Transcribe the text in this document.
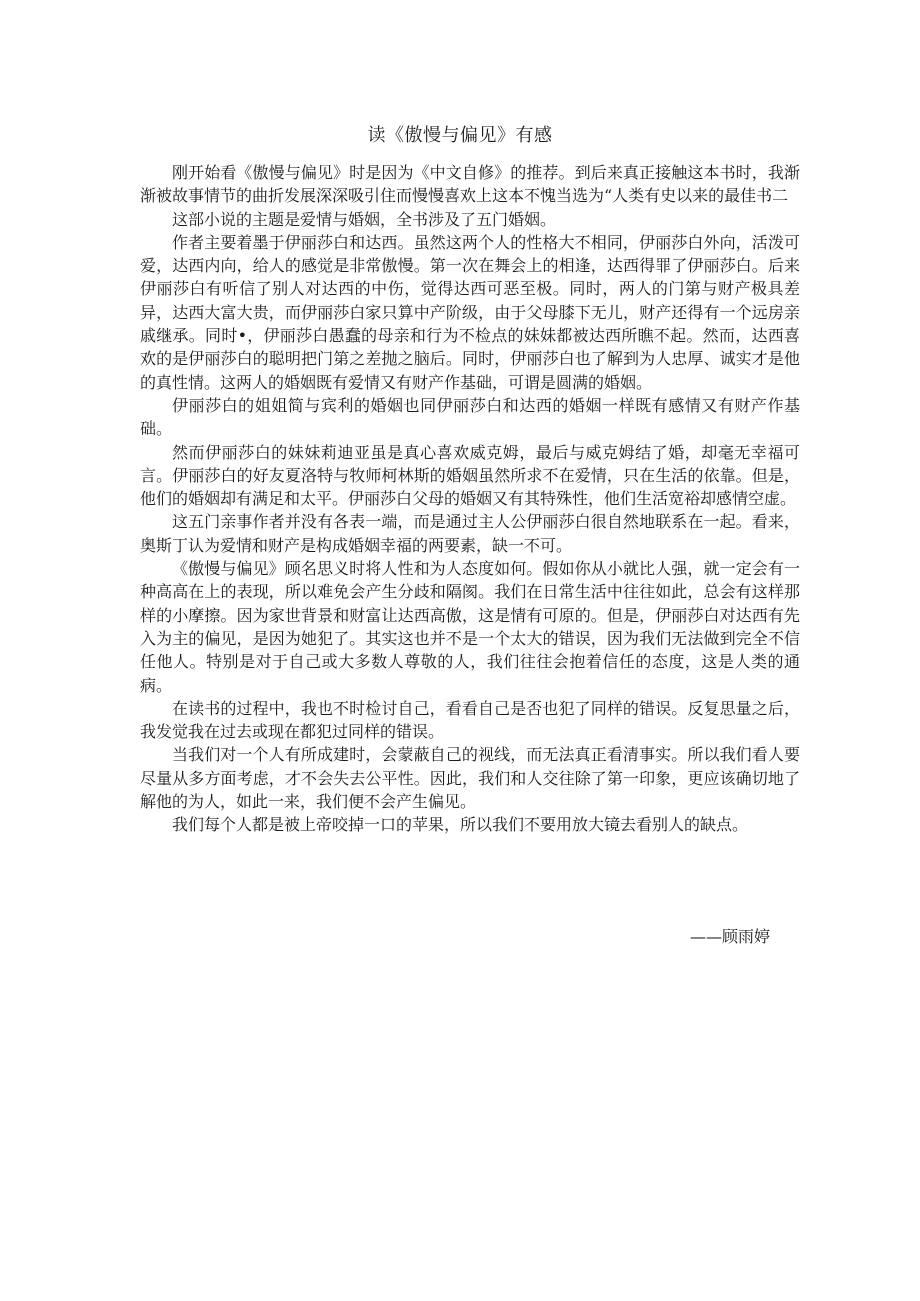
读《傲慢与偏见》有感

刚开始看《傲慢与偏见》时是因为《中文自修》的推荐。到后来真正接触这本书时，我渐渐被故事情节的曲折发展深深吸引住而慢慢喜欢上这本不愧当选为“人类有史以来的最佳书二

这部小说的主题是爱情与婚姻，全书涉及了五门婚姻。

作者主要着墨于伊丽莎白和达西。虽然这两个人的性格大不相同，伊丽莎白外向，活泼可爱，达西内向，给人的感觉是非常傲慢。第一次在舞会上的相逢，达西得罪了伊丽莎白。后来伊丽莎白有听信了别人对达西的中伤，觉得达西可恶至极。同时，两人的门第与财产极具差异，达西大富大贵，而伊丽莎白家只算中产阶级，由于父母膝下无儿，财产还得有一个远房亲戚继承。同时•，伊丽莎白愚蠢的母亲和行为不检点的妹妹都被达西所瞧不起。然而，达西喜欢的是伊丽莎白的聪明把门第之差抛之脑后。同时，伊丽莎白也了解到为人忠厚、诚实才是他的真性情。这两人的婚姻既有爱情又有财产作基础，可谓是圆满的婚姻。

伊丽莎白的姐姐简与宾利的婚姻也同伊丽莎白和达西的婚姻一样既有感情又有财产作基础。

然而伊丽莎白的妹妹莉迪亚虽是真心喜欢威克姆，最后与威克姆结了婚，却毫无幸福可言。伊丽莎白的好友夏洛特与牧师柯林斯的婚姻虽然所求不在爱情，只在生活的依靠。但是，他们的婚姻却有满足和太平。伊丽莎白父母的婚姻又有其特殊性，他们生活宽裕却感情空虚。

这五门亲事作者并没有各表一端，而是通过主人公伊丽莎白很自然地联系在一起。看来，奥斯丁认为爱情和财产是构成婚姻幸福的两要素，缺一不可。

《傲慢与偏见》顾名思义时将人性和为人态度如何。假如你从小就比人强，就一定会有一种高高在上的表现，所以难免会产生分歧和隔阂。我们在日常生活中往往如此，总会有这样那样的小摩擦。因为家世背景和财富让达西高傲，这是情有可原的。但是，伊丽莎白对达西有先入为主的偏见，是因为她犯了。其实这也并不是一个太大的错误，因为我们无法做到完全不信任他人。特别是对于自己或大多数人尊敬的人，我们往往会抱着信任的态度，这是人类的通病。

在读书的过程中，我也不时检讨自己，看看自己是否也犯了同样的错误。反复思量之后，我发觉我在过去或现在都犯过同样的错误。

当我们对一个人有所成建时，会蒙蔽自己的视线，而无法真正看清事实。所以我们看人要尽量从多方面考虑，才不会失去公平性。因此，我们和人交往除了第一印象，更应该确切地了解他的为人，如此一来，我们便不会产生偏见。

我们每个人都是被上帝咬掉一口的苹果，所以我们不要用放大镜去看别人的缺点。

——顾雨婷
